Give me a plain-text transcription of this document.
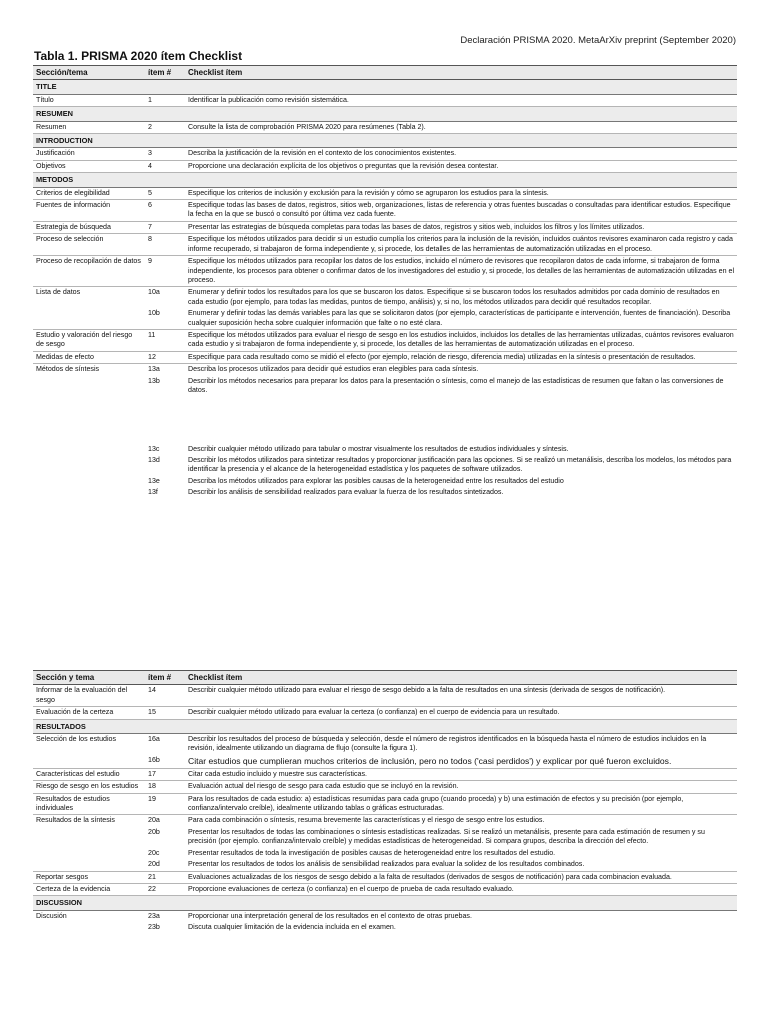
Declaración PRISMA 2020. MetaArXiv preprint (September 2020)
Tabla 1. PRISMA 2020 ítem Checklist
Sección/tema	ítem #	Checklist ítem
TITLE		
Título	1	Identificar la publicación como revisión sistemática.
RESUMEN		
Resumen	2	Consulte la lista de comprobación PRISMA 2020 para resúmenes (Tabla 2).
INTRODUCTION		
Justificación	3	Describa la justificación de la revisión en el contexto de los conocimientos existentes.
Objetivos	4	Proporcione una declaración explícita de los objetivos o preguntas que la revisión desea contestar.
METODOS		
Criterios de elegibilidad	5	Especifique los criterios de inclusión y exclusión para la revisión y cómo se agruparon los estudios para la síntesis.
Fuentes de información	6	Especifique todas las bases de datos, registros, sitios web, organizaciones, listas de referencia y otras fuentes buscadas o consultadas para identificar estudios. Especifique la fecha en la que se buscó o consultó por última vez cada fuente.
Estrategia de búsqueda	7	Presentar las estrategias de búsqueda completas para todas las bases de datos, registros y sitios web, incluidos los filtros y los límites utilizados.
Proceso de selección	8	Especifique los métodos utilizados para decidir si un estudio cumplía los criterios para la inclusión de la revisión, incluidos cuántos revisores examinaron cada registro y cada informe recuperado, si trabajaron de forma independiente y, si procede, los detalles de las herramientas de automatización utilizadas en el proceso.
Proceso de recopilación de datos	9	Especifique los métodos utilizados para recopilar los datos de los estudios, incluido el número de revisores que recopilaron datos de cada informe, si trabajaron de forma independiente, los procesos para obtener o confirmar datos de los investigadores del estudio y, si procede, los detalles de las herramientas de automatización utilizadas en el proceso.
Lista de datos	10a	Enumerar y definir todos los resultados para los que se buscaron los datos. Especifique si se buscaron todos los resultados admitidos por cada dominio de resultados en cada estudio (por ejemplo, para todas las medidas, puntos de tiempo, análisis) y, si no, los métodos utilizados para decidir qué resultados recopilar.
	10b	Enumerar y definir todas las demás variables para las que se solicitaron datos (por ejemplo, características de participante e intervención, fuentes de financiación). Describa cualquier suposición hecha sobre cualquier información que falte o no esté clara.
Estudio y valoración del riesgo de sesgo	11	Especifique los métodos utilizados para evaluar el riesgo de sesgo en los estudios incluidos, incluidos los detalles de las herramientas utilizadas, cuántos revisores evaluaron cada estudio y si trabajaron de forma independiente y, si procede, los detalles de las herramientas de automatización utilizadas en el proceso.
Medidas de efecto	12	Especifique para cada resultado como se midió el efecto (por ejemplo, relación de riesgo, diferencia media) utilizadas en la síntesis o presentación de resultados.
Métodos de síntesis	13a	Describa los procesos utilizados para decidir qué estudios eran elegibles para cada síntesis.
	13b	Describir los métodos necesarios para preparar los datos para la presentación o síntesis, como el manejo de las estadísticas de resumen que faltan o las conversiones de datos.
	13c	Describir cualquier método utilizado para tabular o mostrar visualmente los resultados de estudios individuales y síntesis.
	13d	Describir los métodos utilizados para sintetizar resultados y proporcionar justificación para las opciones. Si se realizó un metanálisis, describa los modelos, los métodos para identificar la presencia y el alcance de la heterogeneidad estadística y los paquetes de software utilizados.
	13e	Describa los métodos utilizados para explorar las posibles causas de la heterogeneidad entre los resultados del estudio
	13f	Describir los análisis de sensibilidad realizados para evaluar la fuerza de los resultados sintetizados.
Sección y tema	ítem #	Checklist ítem
Informar de la evaluación del sesgo	14	Describir cualquier método utilizado para evaluar el riesgo de sesgo debido a la falta de resultados en una síntesis (derivada de sesgos de notificación).
Evaluación de la certeza	15	Describir cualquier método utilizado para evaluar la certeza (o confianza) en el cuerpo de evidencia para un resultado.
RESULTADOS		
Selección de los estudios	16a	Describir los resultados del proceso de búsqueda y selección, desde el número de registros identificados en la búsqueda hasta el número de estudios incluidos en la revisión, idealmente utilizando un diagrama de flujo (consulte la figura 1).
	16b	Citar estudios que cumplieran muchos criterios de inclusión, pero no todos ('casi perdidos') y explicar por qué fueron excluidos.
Características del estudio	17	Citar cada estudio incluido y muestre sus características.
Riesgo de sesgo en los estudios	18	Evaluación actual del riesgo de sesgo para cada estudio que se incluyó en la revisión.
Resultados de estudios individuales	19	Para los resultados de cada estudio: a) estadísticas resumidas para cada grupo (cuando proceda) y b) una estimación de efectos y su precisión (por ejemplo, confianza/intervalo creíble), idealmente utilizando tablas o gráficas estructuradas.
Resultados de la síntesis	20a	Para cada combinación o síntesis, resuma brevemente las características y el riesgo de sesgo entre los estudios.
	20b	Presentar los resultados de todas las combinaciones o síntesis estadísticas realizadas. Si se realizó un metanálisis, presente para cada estimación de resumen y su precisión (por ejemplo. confianza/intervalo creíble) y medidas estadísticas de heterogeneidad. Si compara grupos, describa la dirección del efecto.
	20c	Presentar resultados de toda la investigación de posibles causas de heterogeneidad entre los resultados del estudio.
	20d	Presentar los resultados de todos los análisis de sensibilidad realizados para evaluar la solidez de los resultados combinados.
Reportar sesgos	21	Evaluaciones actualizadas de los riesgos de sesgo debido a la falta de resultados (derivados de sesgos de notificación) para cada combinacion evaluada.
Certeza de la evidencia	22	Proporcione evaluaciones de certeza (o confianza) en el cuerpo de prueba de cada resultado evaluado.
DISCUSSION		
Discusión	23a	Proporcionar una interpretación general de los resultados en el contexto de otras pruebas.
	23b	Discuta cualquier limitación de la evidencia incluida en el examen.
